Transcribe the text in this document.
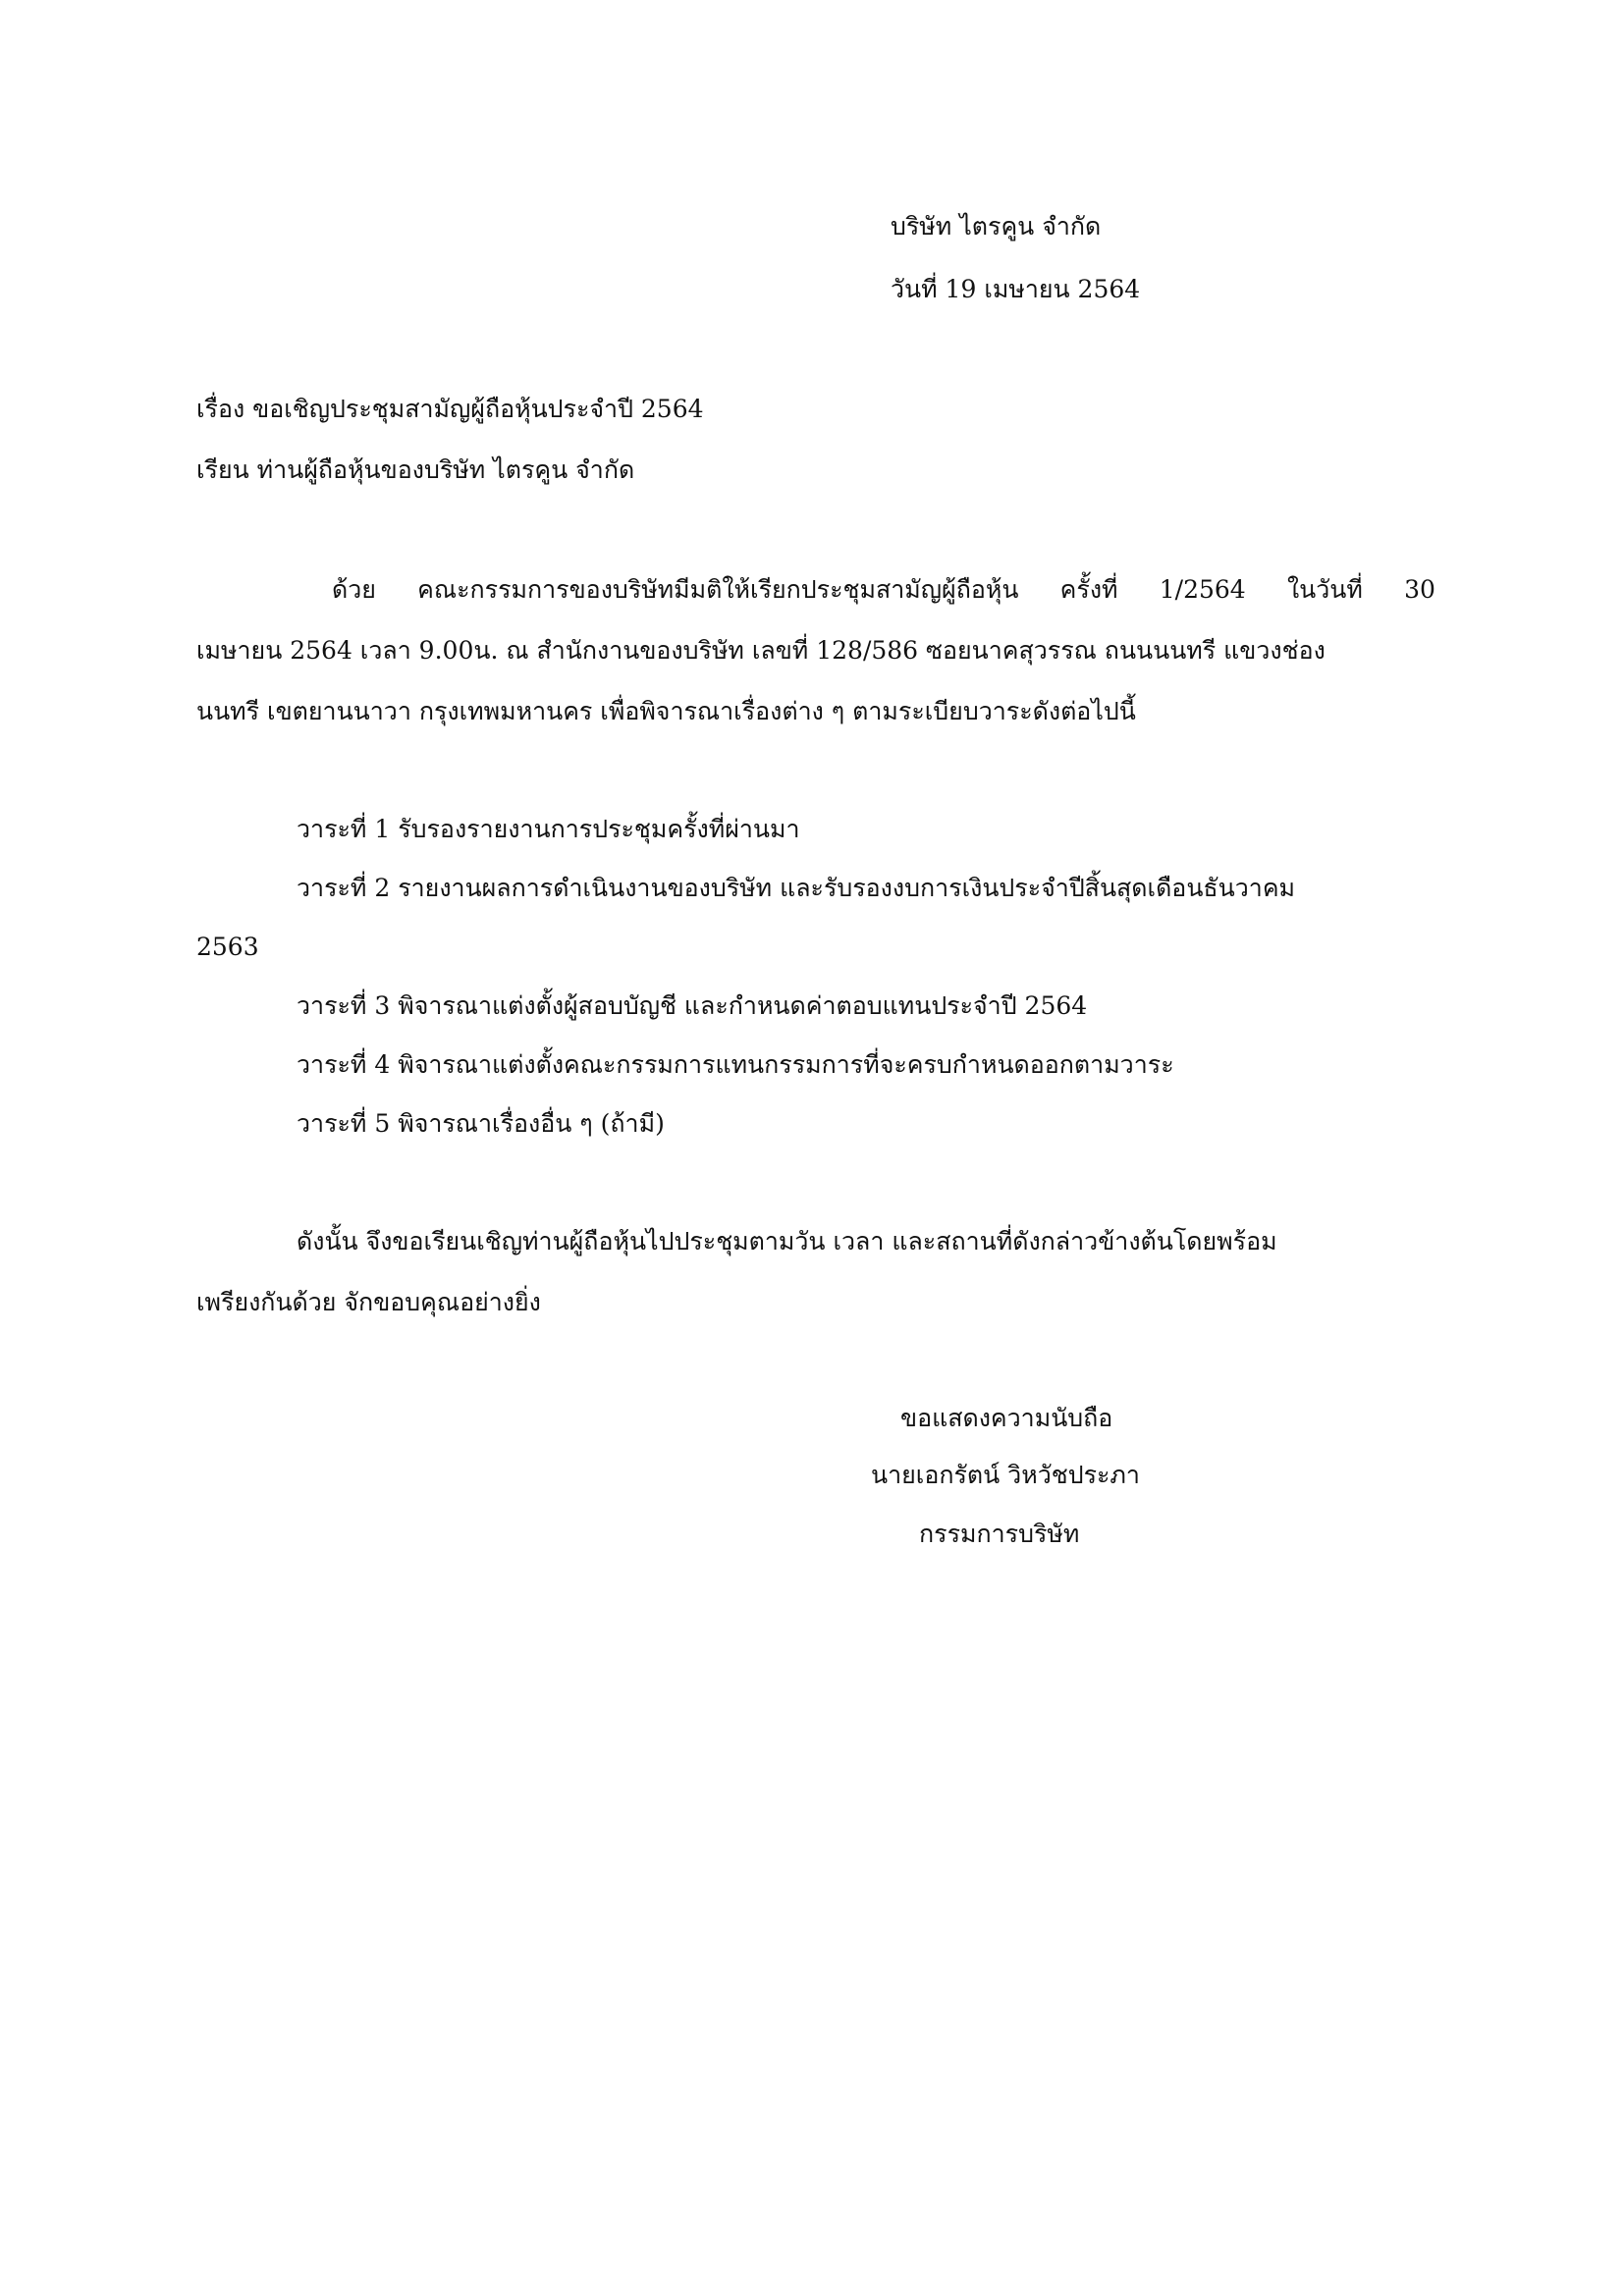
บริษัท ไตรคูน จำกัด
วันที่ 19 เมษายน 2564
เรื่อง ขอเชิญประชุมสามัญผู้ถือหุ้นประจำปี 2564
เรียน ท่านผู้ถือหุ้นของบริษัท ไตรคูน จำกัด
ด้วย คณะกรรมการของบริษัทมีมติให้เรียกประชุมสามัญผู้ถือหุ้น ครั้งที่ 1/2564 ในวันที่ 30
เมษายน 2564 เวลา 9.00น. ณ สำนักงานของบริษัท เลขที่ 128/586 ซอยนาคสุวรรณ ถนนนนทรี แขวงช่อง
นนทรี เขตยานนาวา กรุงเทพมหานคร เพื่อพิจารณาเรื่องต่าง ๆ ตามระเบียบวาระดังต่อไปนี้
วาระที่ 1 รับรองรายงานการประชุมครั้งที่ผ่านมา
วาระที่ 2 รายงานผลการดำเนินงานของบริษัท และรับรองงบการเงินประจำปีสิ้นสุดเดือนธันวาคม
2563
วาระที่ 3 พิจารณาแต่งตั้งผู้สอบบัญชี และกำหนดค่าตอบแทนประจำปี 2564
วาระที่ 4 พิจารณาแต่งตั้งคณะกรรมการแทนกรรมการที่จะครบกำหนดออกตามวาระ
วาระที่ 5 พิจารณาเรื่องอื่น ๆ (ถ้ามี)
ดังนั้น จึงขอเรียนเชิญท่านผู้ถือหุ้นไปประชุมตามวัน เวลา และสถานที่ดังกล่าวข้างต้นโดยพร้อม
เพรียงกันด้วย จักขอบคุณอย่างยิ่ง
ขอแสดงความนับถือ
นายเอกรัตน์ วิหวัชประภา
กรรมการบริษัท
